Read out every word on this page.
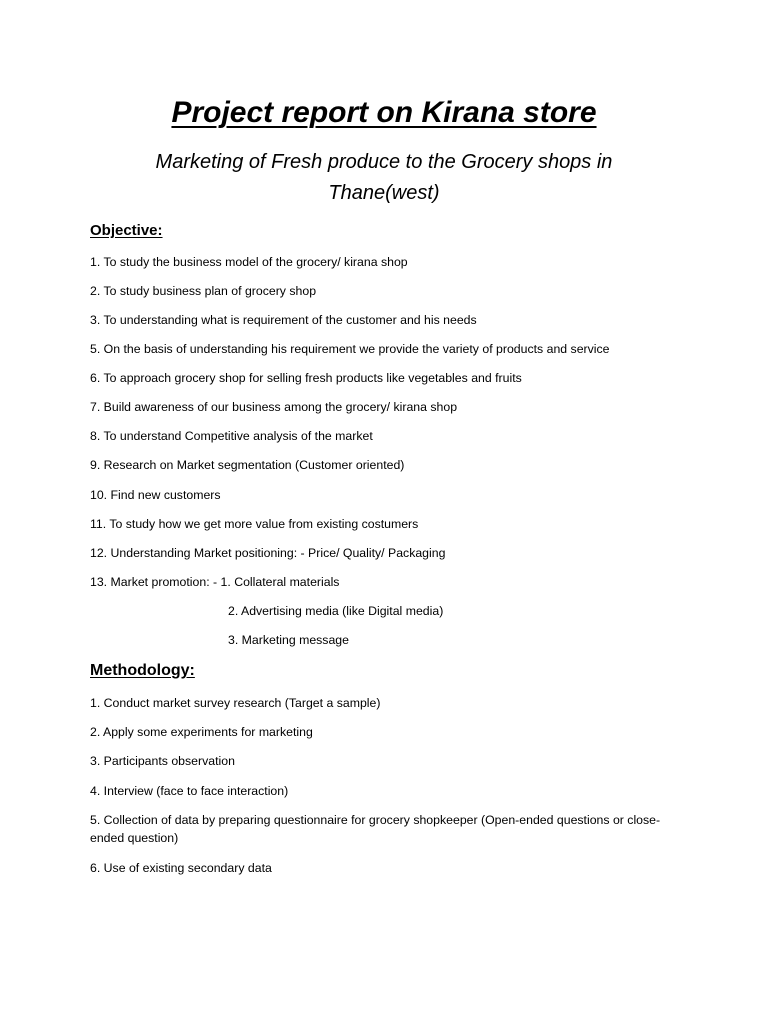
Project report on Kirana store
Marketing of Fresh produce to the Grocery shops in
Thane(west)
Objective:
1. To study the business model of the grocery/ kirana shop
2. To study business plan of grocery shop
3. To understanding what is requirement of the customer and his needs
5. On the basis of understanding his requirement we provide the variety of products and service
6. To approach grocery shop for selling fresh products like vegetables and fruits
7. Build awareness of our business among the grocery/ kirana shop
8. To understand Competitive analysis of the market
9. Research on Market segmentation (Customer oriented)
10. Find new customers
11. To study how we get more value from existing costumers
12. Understanding Market positioning: - Price/ Quality/ Packaging
13. Market promotion: - 1. Collateral materials
2. Advertising media (like Digital media)
3. Marketing message
Methodology:
1. Conduct market survey research (Target a sample)
2. Apply some experiments for marketing
3. Participants observation
4. Interview (face to face interaction)
5. Collection of data by preparing questionnaire for grocery shopkeeper (Open-ended questions or close-ended question)
6. Use of existing secondary data
